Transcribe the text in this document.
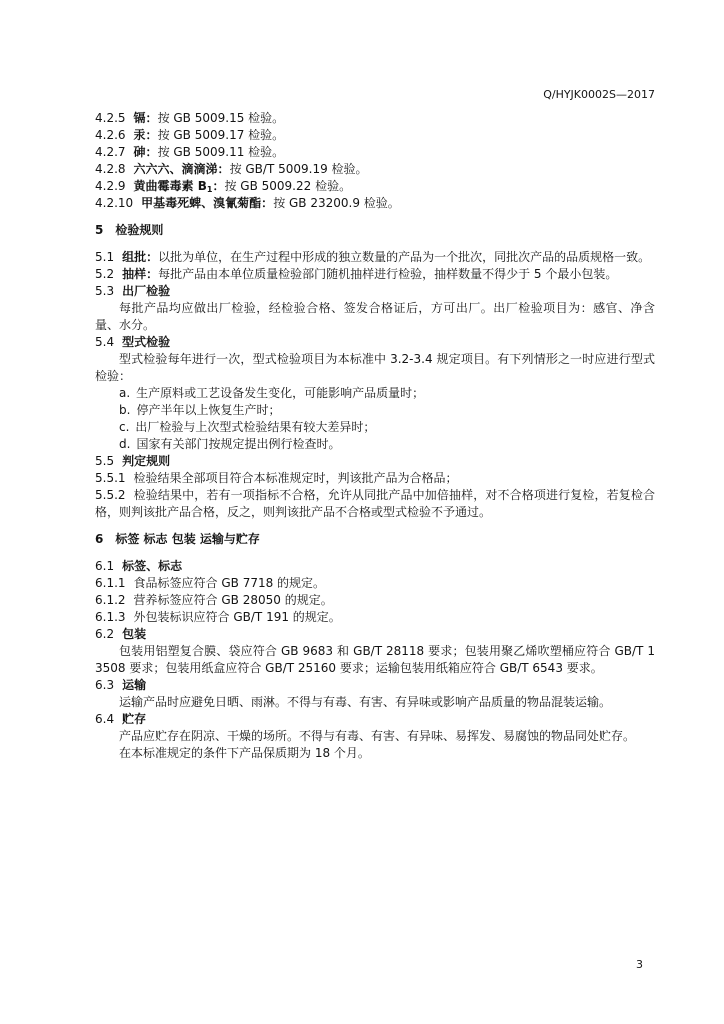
Q/HYJK0002S—2017
4.2.5 镉：按 GB 5009.15 检验。
4.2.6 汞：按 GB 5009.17 检验。
4.2.7 砷：按 GB 5009.11 检验。
4.2.8 六六六、滴滴涕：按 GB/T 5009.19 检验。
4.2.9 黄曲霉毒素 $B_1$：按 GB 5009.22 检验。
4.2.10 甲基毒死蜱、溴氰菊酯：按 GB 23200.9 检验。
5 检验规则
5.1 组批：以批为单位，在生产过程中形成的独立数量的产品为一个批次，同批次产品的品质规格一致。
5.2 抽样：每批产品由本单位质量检验部门随机抽样进行检验，抽样数量不得少于 5 个最小包装。
5.3 出厂检验
每批产品均应做出厂检验，经检验合格、签发合格证后，方可出厂。出厂检验项目为：感官、净含量、水分。
5.4 型式检验
型式检验每年进行一次，型式检验项目为本标准中 3.2-3.4 规定项目。有下列情形之一时应进行型式检验：
a. 生产原料或工艺设备发生变化，可能影响产品质量时；
b. 停产半年以上恢复生产时；
c. 出厂检验与上次型式检验结果有较大差异时；
d. 国家有关部门按规定提出例行检查时。
5.5 判定规则
5.5.1 检验结果全部项目符合本标准规定时，判该批产品为合格品；
5.5.2 检验结果中，若有一项指标不合格，允许从同批产品中加倍抽样，对不合格项进行复检，若复检合格，则判该批产品合格，反之，则判该批产品不合格或型式检验不予通过。
6 标签 标志 包装 运输与贮存
6.1 标签、标志
6.1.1 食品标签应符合 GB 7718 的规定。
6.1.2 营养标签应符合 GB 28050 的规定。
6.1.3 外包装标识应符合 GB/T 191 的规定。
6.2 包装
包装用铝塑复合膜、袋应符合 GB 9683 和 GB/T 28118 要求；包装用聚乙烯吹塑桶应符合 GB/T 13508 要求；包装用纸盒应符合 GB/T 25160 要求；运输包装用纸箱应符合 GB/T 6543 要求。
6.3 运输
运输产品时应避免日晒、雨淋。不得与有毒、有害、有异味或影响产品质量的物品混装运输。
6.4 贮存
产品应贮存在阴凉、干燥的场所。不得与有毒、有害、有异味、易挥发、易腐蚀的物品同处贮存。
在本标准规定的条件下产品保质期为 18 个月。
3
